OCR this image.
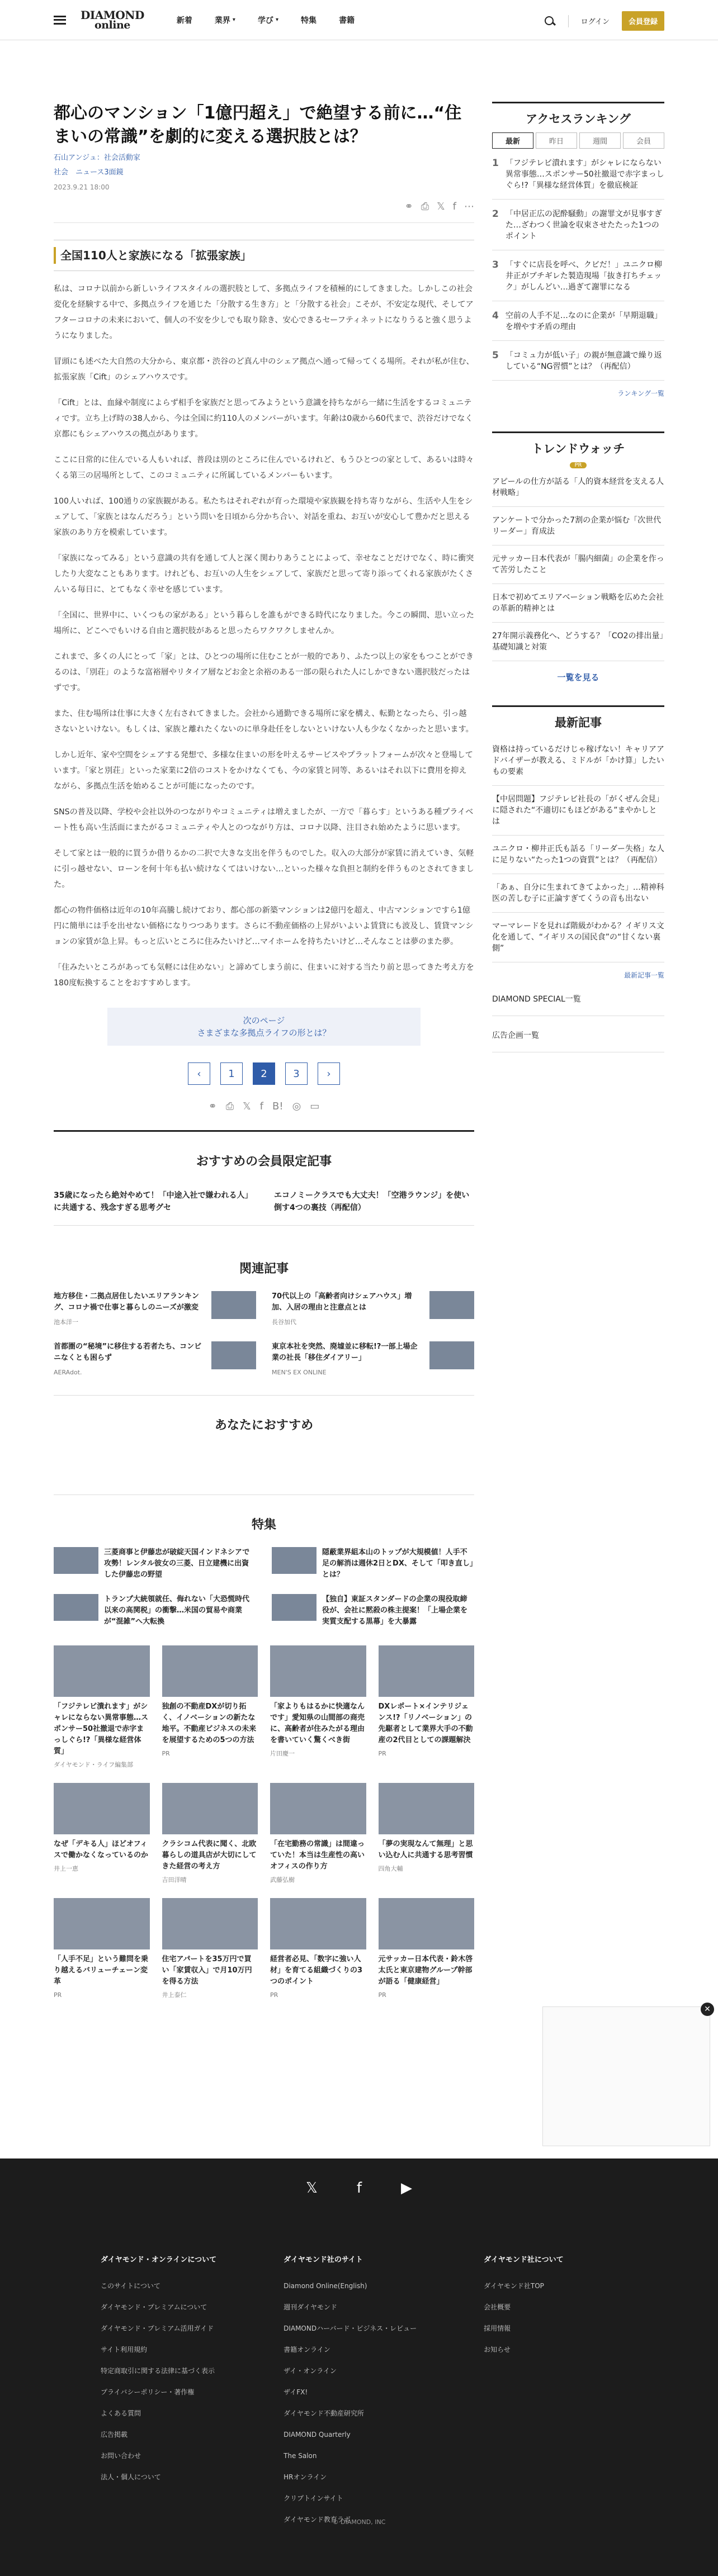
DIAMOND
online	新着	業界 ▾	学び ▾	特集	書籍	ログイン	会員登録
都心のマンション「1億円超え」で絶望する前に…“住まいの常識”を劇的に変える選択肢とは？
石山アンジュ：社会活動家
社会　 ニュース3面鏡
2023.9.21 18:00
⚭ ⎙ 𝕏 f ⋯
全国110人と家族になる「拡張家族」

私は、コロナ以前から新しいライフスタイルの選択肢として、多拠点ライフを積極的にしてきました。しかしこの社会変化を経験する中で、多拠点ライフを通じた「分散する生き方」と「分散する社会」こそが、不安定な現代、そしてアフターコロナの未来において、個人の不安を少しでも取り除き、安心できるセーフティネットになりうると強く思うようになりました。

冒頭にも述べた大自然の大分から、東京都・渋谷のど真ん中のシェア拠点へ通って帰ってくる場所。それが私が住む、拡張家族「Cift」のシェアハウスです。

「Cift」とは、血縁や制度によらず相手を家族だと思ってみようという意識を持ちながら一緒に生活をするコミュニティです。立ち上げ時の38人から、今は全国に約110人のメンバーがいます。年齢は0歳から60代まで、渋谷だけでなく京都にもシェアハウスの拠点があります。

ここに日常的に住んでいる人もいれば、普段は別のところに住んでいるけれど、もうひとつの家として、あるいは時々くる第三の居場所として、このコミュニティに所属しているメンバーもいます。

100人いれば、100通りの家族観がある。私たちはそれぞれが育った環境や家族観を持ち寄りながら、生活や人生をシェアして、「家族とはなんだろう」という問いを日頃から分かち合い、対話を重ね、お互いが安心して豊かだと思える家族のあり方を模索しています。

「家族になってみる」という意識の共有を通して人と深く関わりあうことによって、幸せなことだけでなく、時に衝突したり大変なこともあります。けれども、お互いの人生をシェアして、家族だと思って寄り添ってくれる家族がたくさんいる毎日に、とてもなく幸せを感じています。

「全国に、世界中に、いくつもの家がある」という暮らしを誰もができる時代になりました。今この瞬間、思い立った場所に、どこへでもいける自由と選択肢があると思ったらワクワクしませんか。

これまで、多くの人にとって「家」とは、ひとつの場所に住むことが一般的であり、ふたつ以上の家をもつことができるのは、「別荘」のような富裕層やリタイア層などお金と余裕のある一部の限られた人にしかできない選択肢だったはずです。

また、住む場所は仕事に大きく左右されてきました。会社から通勤できる場所に家を構え、転勤となったら、引っ越さないといけない。もしくは、家族と離れたくないのに単身赴任をしないといけない人も少なくなかったと思います。

しかし近年、家や空間をシェアする発想で、多様な住まいの形を叶えるサービスやプラットフォームが次々と登場しています。「家と別荘」といった家業に2倍のコストをかけなくても、今の家賃と同等、あるいはそれ以下に費用を抑えながら、多拠点生活を始めることが可能になったのです。

SNSの普及以降、学校や会社以外のつながりやコミュニティは増えましたが、一方で「暮らす」というある種プライベート性も高い生活面にまたがるコミュニティや人とのつながり方は、コロナ以降、注目され始めたように思います。

そして家とは一般的に買うか借りるかの二択で大きな支出を伴うものでした。収入の大部分が家賃に消えていき、気軽に引っ越せない、ローンを何十年も払い続けなくてはいけない…といった様々な負担と制約を伴うものとされてきました。

都心の物件価格は近年の10年高騰し続けており、都心部の新築マンションは2億円を超え、中古マンションですら1億円に簡単には手を出せない価格になりつつあります。さらに不動産価格の上昇がいよいよ賃貸にも波及し、賃貸マンションの家賃が急上昇。もっと広いところに住みたいけど…マイホームを持ちたいけど…そんなことは夢のまた夢。

「住みたいところがあっても気軽には住めない」と諦めてしまう前に、住まいに対する当たり前と思ってきた考え方を180度転換することをおすすめします。

次のページ
さまざまな多拠点ライフの形とは？
‹	1	2	3	›
⚭ ⎙ 𝕏 f B! ◎ ▭
おすすめの会員限定記事
35歳になったら絶対やめて！「中途入社で嫌われる人」に共通する、残念すぎる思考グセ
エコノミークラスでも大丈夫！「空港ラウンジ」を使い倒す4つの裏技（再配信）
関連記事
地方移住・二拠点居住したいエリアランキング、コロナ禍で仕事と暮らしのニーズが激変
池本洋一
70代以上の「高齢者向けシェアハウス」増加、入居の理由と注意点とは
長谷加代
首都圏の“秘境”に移住する若者たち、コンビニなくとも困らず
AERAdot.
東京本社を突然、廃墟並に移転!?一部上場企業の社長「移住ダイアリー」
MEN'S EX ONLINE
あなたにおすすめ
特集
三菱商事と伊藤忠が破綻天国インドネシアで攻勢！レンタル彼女の三菱、日立建機に出資した伊藤忠の野望
隠蔽業界組本山のトップが大規模値！人手不足の解消は週休2日とDX、そして「叩き直し」とは？
トランプ大統領就任、侮れない「大恐慌時代以来の高関税」の衝撃…米国の貿易や商業が“混雑”へ大転換
【独自】東証スタンダードの企業の現役取締役が、会社に黙殺の株主提案！「上場企業を実質支配する黒幕」を大暴露
「フジテレビ潰れます」がシャレにならない異常事態…スポンサー50社撤退で赤字まっしぐら!?「異様な経営体質」
ダイヤモンド・ライフ編集部
独創の不動産DXが切り拓く、イノベーションの新たな地平。不動産ビジネスの未来を展望するための5つの方法
PR
「家よりもはるかに快適なんです」愛知県の山間部の商売に、高齢者が住みたがる理由を書いていく驚くべき街
片田慶一
DXレポート×インテリジェンス!?「リノベーション」の先駆者として業界大手の不動産の2代目としての課題解決
PR
なぜ「デキる人」ほどオフィスで働かなくなっているのか
井上一恵
クラシコム代表に聞く、北欧暮らしの道具店が大切にしてきた経営の考え方
吉田洋晴
「在宅勤務の常識」は間違っていた！本当は生産性の高いオフィスの作り方
武藤弘樹
「夢の実現なんて無理」と思い込む人に共通する思考習慣
四角大輔
「人手不足」という難問を乗り越えるバリューチェーン変革
PR
住宅アパートを35万円で買い「家賃収入」で月10万円を得る方法
井上泰仁
経営者必見、「数字に強い人材」を育てる組織づくりの3つのポイント
PR
元サッカー日本代表・鈴木啓太氏と東京建物グループ幹部が語る「健康経営」
PR
アクセスランキング
最新	昨日	週間	会員
1 「フジテレビ潰れます」がシャレにならない異常事態…スポンサー50社撤退で赤字まっしぐら!?「異様な経営体質」を徹底検証
2 「中居正広の泥酔騒動」の謝罪文が見事すぎた…ざわつく世論を収束させたたった1つのポイント
3 「すぐに店長を呼べ、クビだ！」ユニクロ柳井正がブチギレた製造現場「抜き打ちチェック」がしんどい…過ぎて謝罪になる
4 空前の人手不足…なのに企業が「早期退職」を増やす矛盾の理由
5 「コミュ力が低い子」の親が無意識で繰り返している“NG習慣”とは？（再配信）
ランキング一覧
トレンドウォッチ
PR
アピールの仕方が話る「人的資本経営を支える人材戦略」
アンケートで分かった7割の企業が悩む「次世代リーダー」育成法
元サッカー日本代表が「腸内細菌」の企業を作って苦労したこと
日本で初めてエリアベーション戦略を広めた会社の革新的精神とは
27年開示義務化へ、どうする？「CO2の排出量」基礎知識と対策
一覧を見る
最新記事
資格は持っているだけじゃ稼げない！キャリアアドバイザーが教える、ミドルが「かけ算」したいもの要素
【中居問題】フジテレビ社長の「がくぜん会見」に隠された“不適切にもほどがある”まやかしとは
ユニクロ・柳井正氏も話る「リーダー失格」な人に足りない“たった1つの資質”とは？（再配信）
「あぁ、自分に生まれてきてよかった」…精神科医の苦しむ子に正論すぎてくうの音も出ない
マーマレードを見れば階級がわかる？イギリス文化を通して、“イギリスの国民食”の“甘くない裏側”
最新記事一覧
DIAMOND SPECIAL一覧
広告企画一覧
✕
𝕏	f	▶
ダイヤモンド・オンラインについて
このサイトについて
ダイヤモンド・プレミアムについて
ダイヤモンド・プレミアム活用ガイド
サイト利用規約
特定商取引に関する法律に基づく表示
プライバシーポリシー・著作権
よくある質問
広告掲載
お問い合わせ
法人・個人について
ダイヤモンド社のサイト
Diamond Online(English)
週刊ダイヤモンド
DIAMONDハーバード・ビジネス・レビュー
書籍オンライン
ザイ・オンライン
ザイFX!
ダイヤモンド不動産研究所
DIAMOND Quarterly
The Salon
HRオンライン
クリプトインサイト
ダイヤモンド教育ラボ
ダイヤモンド社について
ダイヤモンド社TOP
会社概要
採用情報
お知らせ
© DIAMOND, INC
